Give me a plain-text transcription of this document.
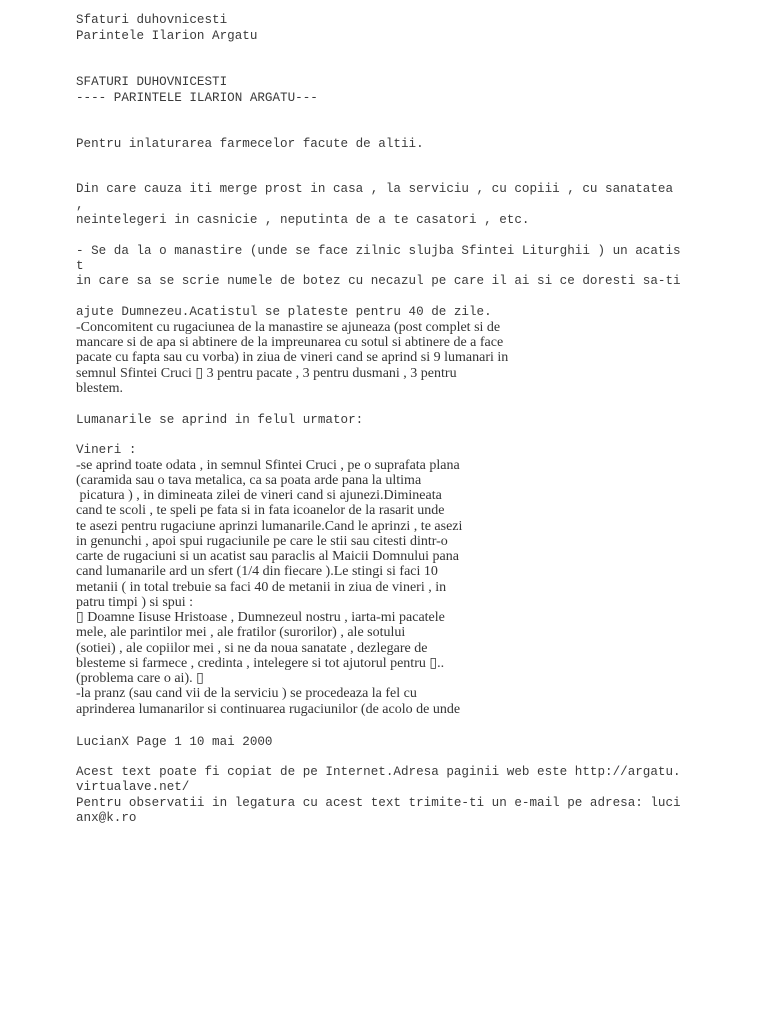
Sfaturi duhovnicesti

Parintele Ilarion Argatu

SFATURI DUHOVNICESTI

---- PARINTELE ILARION ARGATU---

Pentru inlaturarea farmecelor facute de altii.

Din care cauza iti merge prost in casa , la serviciu , cu copiii , cu sanatatea

,

neintelegeri in casnicie , neputinta de a te casatori , etc.

- Se da la o manastire (unde se face zilnic slujba Sfintei Liturghii ) un acatis

t

in care sa se scrie numele de botez cu necazul pe care il ai si ce doresti sa-ti

ajute Dumnezeu.Acatistul se plateste pentru 40 de zile.

-Concomitent cu rugaciunea de la manastire se ajuneaza (post complet si de

mancare si de apa si abtinere de la impreunarea cu sotul si abtinere de a face

pacate cu fapta sau cu vorba) in ziua de vineri cand se aprind si 9 lumanari in

semnul Sfintei Cruci ▯ 3 pentru pacate , 3 pentru dusmani , 3 pentru

blestem.

Lumanarile se aprind in felul urmator:

Vineri :

-se aprind toate odata , in semnul Sfintei Cruci , pe o suprafata plana

(caramida sau o tava metalica, ca sa poata arde pana la ultima

picatura ) , in dimineata zilei de vineri cand si ajunezi.Dimineata

cand te scoli , te speli pe fata si in fata icoanelor de la rasarit unde

te asezi pentru rugaciune aprinzi lumanarile.Cand le aprinzi , te asezi

in genunchi , apoi spui rugaciunile pe care le stii sau citesti dintr-o

carte de rugaciuni si un acatist sau paraclis al Maicii Domnului pana

cand lumanarile ard un sfert (1/4 din fiecare ).Le stingi si faci 10

metanii ( in total trebuie sa faci 40 de metanii in ziua de vineri , in

patru timpi ) si spui :

▯ Doamne Iisuse Hristoase , Dumnezeul nostru , iarta-mi pacatele

mele, ale parintilor mei , ale fratilor (surorilor) , ale sotului

(sotiei) , ale copiilor mei , si ne da noua sanatate , dezlegare de

blesteme si farmece , credinta , intelegere si tot ajutorul pentru ▯..

(problema care o ai). ▯

-la pranz (sau cand vii de la serviciu ) se procedeaza la fel cu

aprinderea lumanarilor si continuarea rugaciunilor (de acolo de unde

LucianX Page 1 10 mai 2000

Acest text poate fi copiat de pe Internet.Adresa paginii web este http://argatu.

virtualave.net/

Pentru observatii in legatura cu acest text trimite-ti un e-mail pe adresa: luci

anx@k.ro
